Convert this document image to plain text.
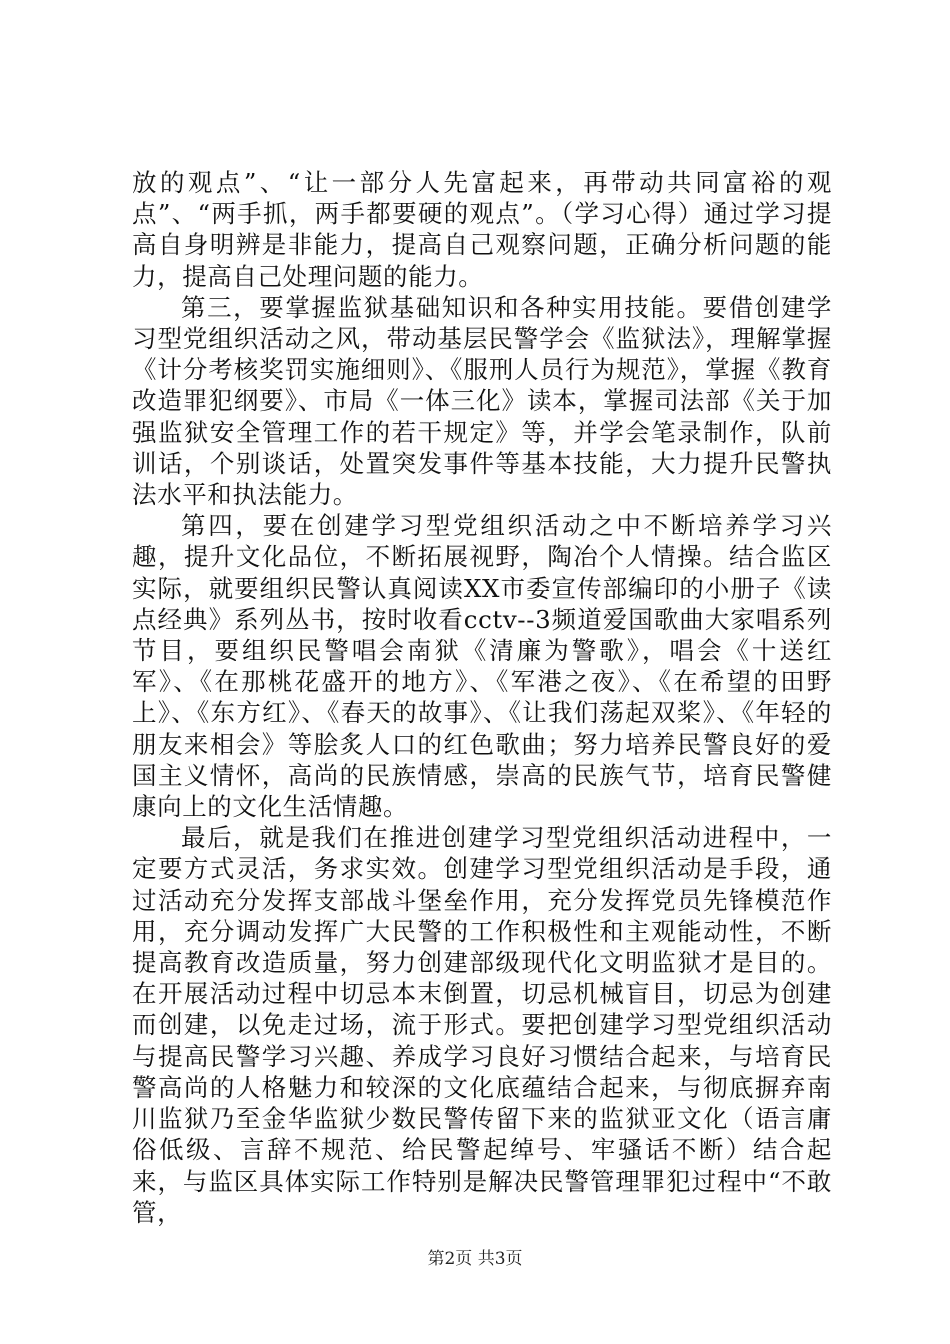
放的观点”、“让一部分人先富起来，再带动共同富裕的观点”、“两手抓，两手都要硬的观点”。（学习心得）通过学习提高自身明辨是非能力，提高自己观察问题，正确分析问题的能力，提高自己处理问题的能力。

第三，要掌握监狱基础知识和各种实用技能。要借创建学习型党组织活动之风，带动基层民警学会《监狱法》，理解掌握《计分考核奖罚实施细则》、《服刑人员行为规范》，掌握《教育改造罪犯纲要》、市局《一体三化》读本，掌握司法部《关于加强监狱安全管理工作的若干规定》等，并学会笔录制作，队前训话，个别谈话，处置突发事件等基本技能，大力提升民警执法水平和执法能力。

第四，要在创建学习型党组织活动之中不断培养学习兴趣，提升文化品位，不断拓展视野，陶冶个人情操。结合监区实际，就要组织民警认真阅读XX市委宣传部编印的小册子《读点经典》系列丛书，按时收看cctv--3频道爱国歌曲大家唱系列节目，要组织民警唱会南狱《清廉为警歌》，唱会《十送红军》、《在那桃花盛开的地方》、《军港之夜》、《在希望的田野上》、《东方红》、《春天的故事》、《让我们荡起双桨》、《年轻的朋友来相会》等脍炙人口的红色歌曲；努力培养民警良好的爱国主义情怀，高尚的民族情感，崇高的民族气节，培育民警健康向上的文化生活情趣。

最后，就是我们在推进创建学习型党组织活动进程中，一定要方式灵活，务求实效。创建学习型党组织活动是手段，通过活动充分发挥支部战斗堡垒作用，充分发挥党员先锋模范作用，充分调动发挥广大民警的工作积极性和主观能动性，不断提高教育改造质量，努力创建部级现代化文明监狱才是目的。在开展活动过程中切忌本末倒置，切忌机械盲目，切忌为创建而创建，以免走过场，流于形式。要把创建学习型党组织活动与提高民警学习兴趣、养成学习良好习惯结合起来，与培育民警高尚的人格魅力和较深的文化底蕴结合起来，与彻底摒弃南川监狱乃至金华监狱少数民警传留下来的监狱亚文化（语言庸俗低级、言辞不规范、给民警起绰号、牢骚话不断）结合起来，与监区具体实际工作特别是解决民警管理罪犯过程中“不敢管，

第2页 共3页
